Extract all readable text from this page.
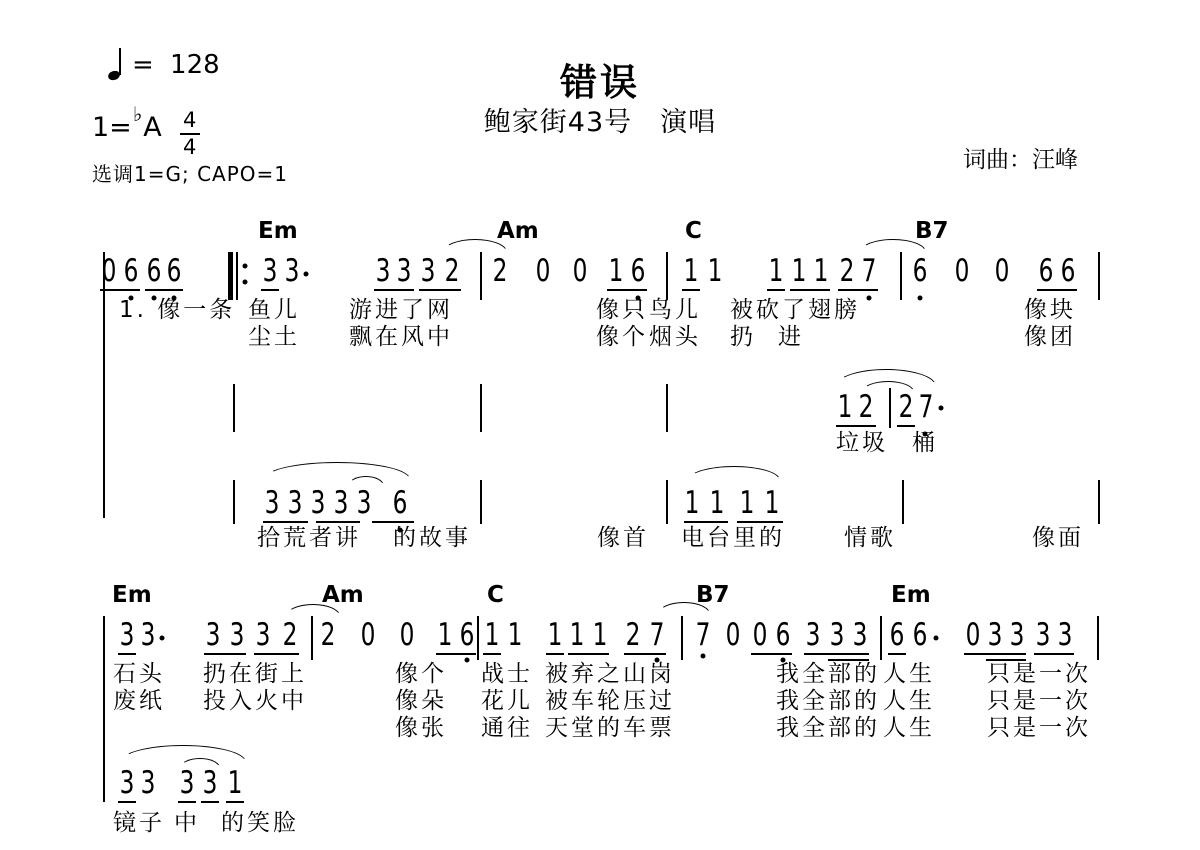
= 128	错误
鲍家街43号　演唱
词曲：汪峰
1= ♭ A $\frac{4}{4}$
选调1=G; CAPO=1
Em	Am	C	B7
0 6 6 6	3 3 3 3 3 2 2 0 0 1 6 1 1 1 1 1 2 7 6 0 0 6 6
1. 像一条 鱼儿 游进了网	像只 鸟儿 被砍了翅膀	像块
尘土 飘在风中	像个 烟头 扔 进	像团
1 2 2 7
垃圾 桶
3 3 3 3 3 6	1 1 1 1
拾荒者讲 的故事	像首 电台里的	情歌	像面
Em	Am	C	B7	Em
3 3 3 3 3 2 2 0 0 1 6 1 1 1 1 1 2 7 7 0 0 6 3 3 3 6 6 0 3 3 3 3
石头 扔在街上	像个 战士 被弃之山岗	我全部的 人生 只是一次
废纸 投入火中	像朵 花儿 被车轮压过	我全部的 人生 只是一次
像张 通往 天堂的车票	我全部的 人生 只是一次
3 3 3 3 1
镜子 中 的笑脸
